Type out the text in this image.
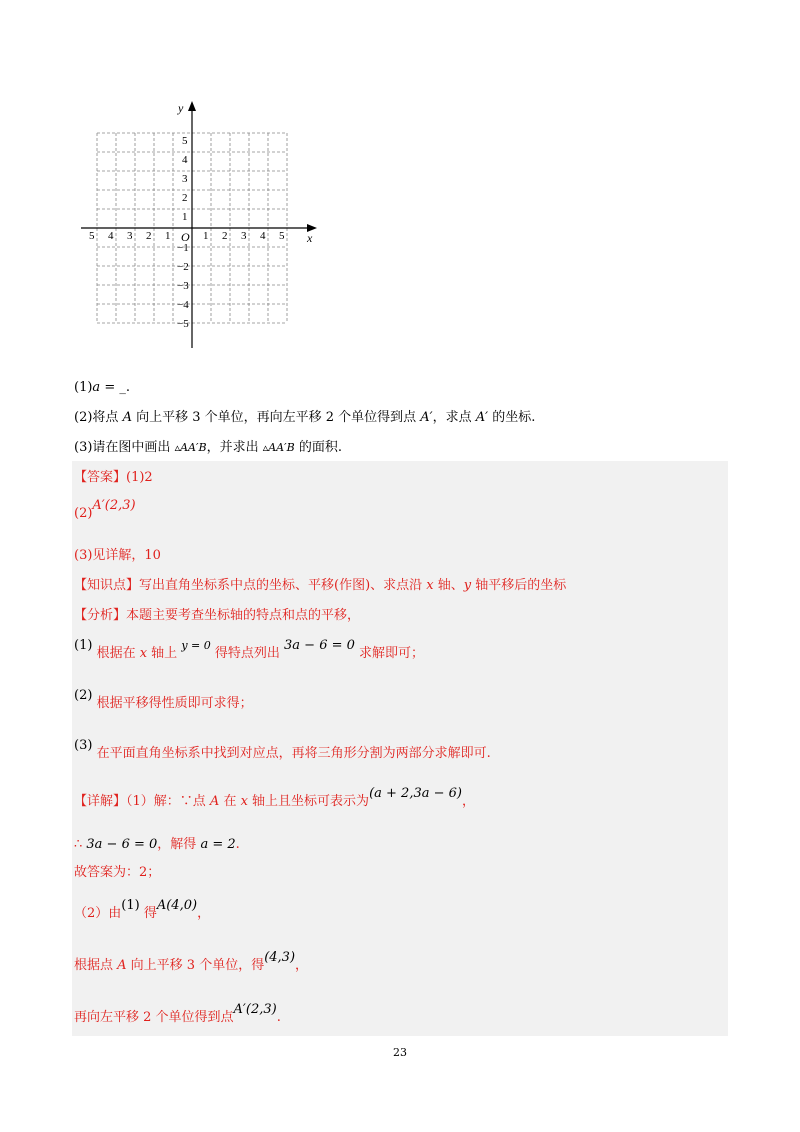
x
y
O
5 4 3 2 1	1 2 3 4 5
5
4
3
2
1
−1
−2
−3
−4
−5
(1)a = _.
(2)将点 A 向上平移 3 个单位，再向左平移 2 个单位得到点 A′，求点 A′ 的坐标.
(3)请在图中画出 ▵AA′B，并求出 ▵AA′B 的面积.
【答案】(1)2
(2)A′(2,3)
(3)见详解，10
【知识点】写出直角坐标系中点的坐标、平移(作图)、求点沿 x 轴、y 轴平移后的坐标
【分析】本题主要考查坐标轴的特点和点的平移，
(1) 根据在 x 轴上 $^{y = 0}$ 得特点列出 3a − 6 = 0 求解即可；
(2) 根据平移得性质即可求得；
(3) 在平面直角坐标系中找到对应点，再将三角形分割为两部分求解即可.
【详解】（1）解：∵点 A 在 x 轴上且坐标可表示为(a + 2,3a − 6)，
∴ 3a − 6 = 0，解得 a = 2.
故答案为：2；
（2）由(1) 得A(4,0)，
根据点 A 向上平移 3 个单位，得(4,3)，
再向左平移 2 个单位得到点A′(2,3).
23
